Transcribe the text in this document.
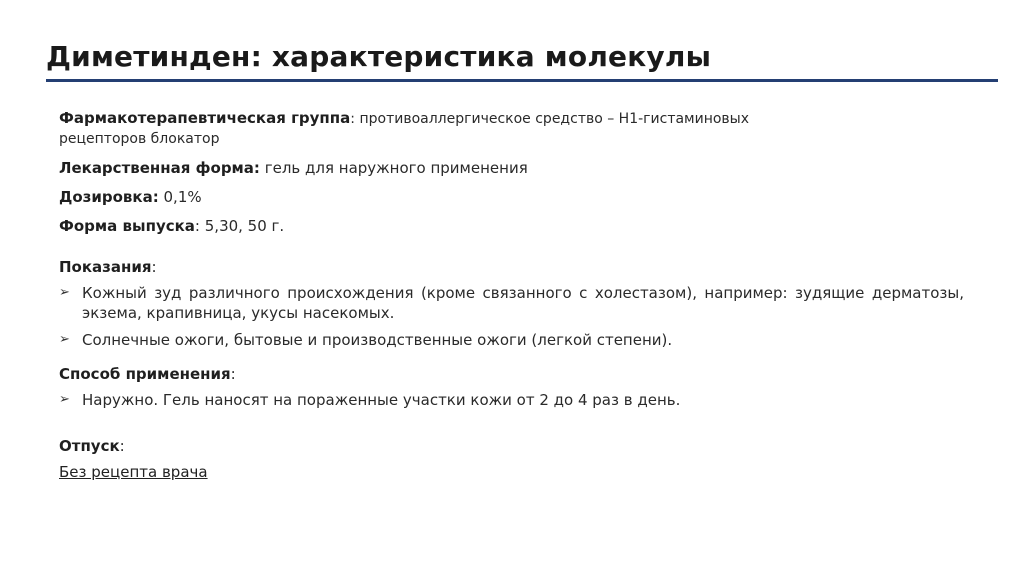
Диметинден: характеристика молекулы

Фармакотерапевтическая группа: противоаллергическое средство – Н1-гистаминовых рецепторов блокатор

Лекарственная форма: гель для наружного применения

Дозировка: 0,1%

Форма выпуска: 5,30, 50 г.

Показания:

➢ Кожный зуд различного происхождения (кроме связанного с холестазом), например: зудящие дерматозы, экзема, крапивница, укусы насекомых.
➢ Солнечные ожоги, бытовые и производственные ожоги (легкой степени).

Способ применения:

➢ Наружно. Гель наносят на пораженные участки кожи от 2 до 4 раз в день.

Отпуск:

Без рецепта врача
